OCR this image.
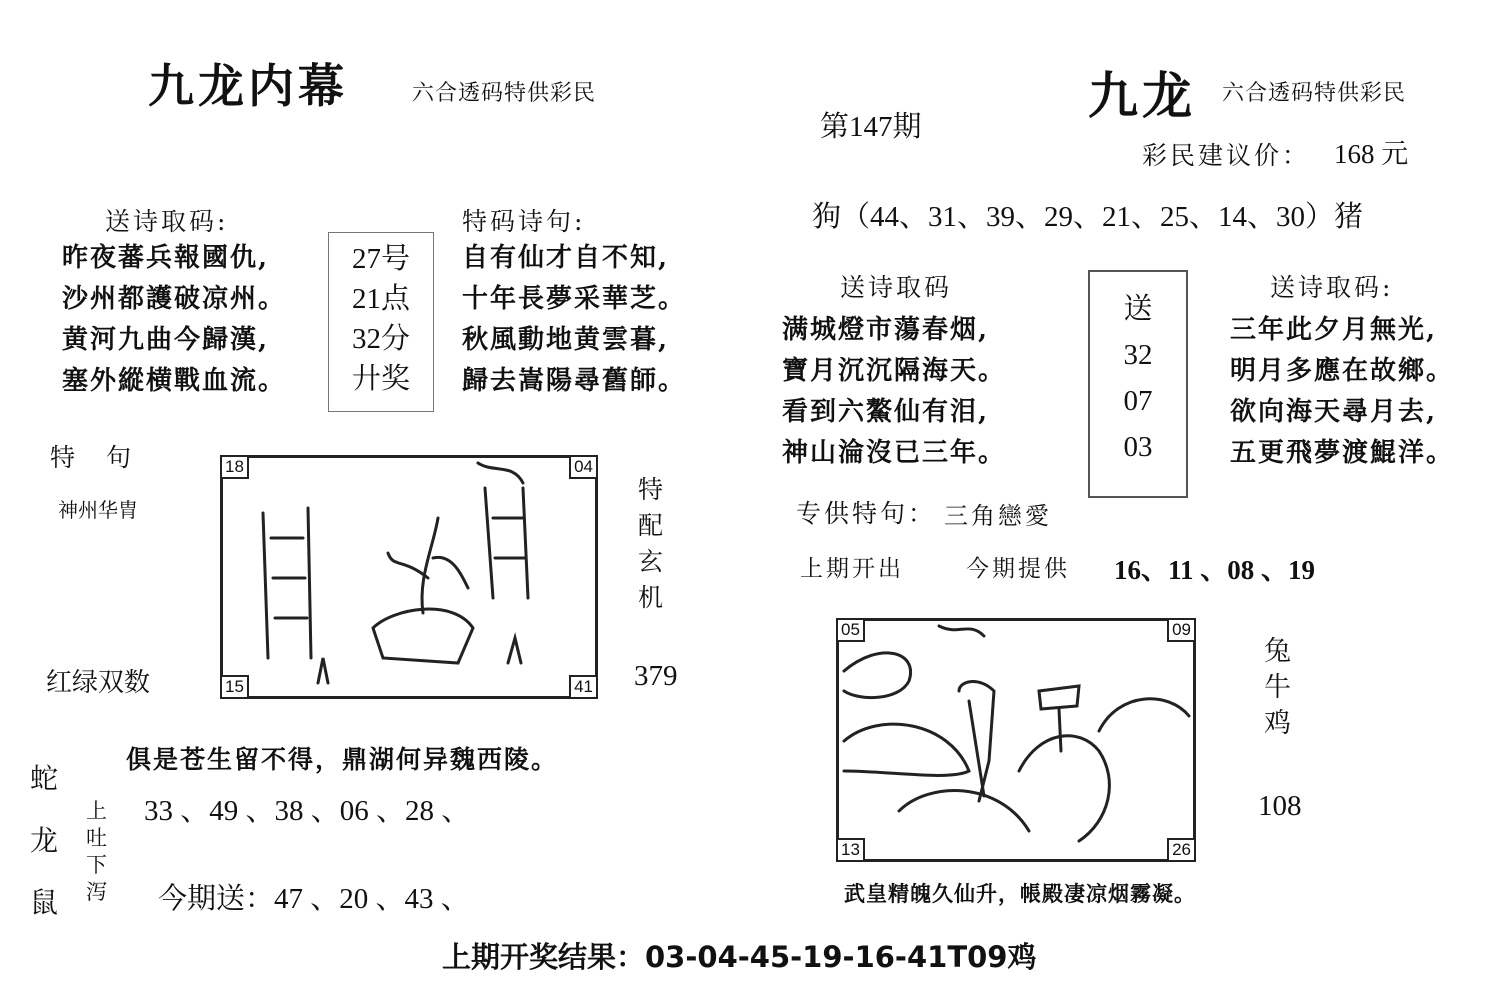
九龙内幕	六合透码特供彩民
送诗取码:
昨夜蕃兵報國仇,
沙州都護破凉州。
黄河九曲今歸漢,
塞外縱横戰血流。
27号
21点
32分
廾奖
特码诗句:
自有仙才自不知,
十年長夢采華芝。
秋風動地黄雲暮,
歸去嵩陽尋舊師。
特　句
神州华胄
红绿双数
18	04
15	41
特
配
玄
机
379
蛇
龙
鼠
俱是苍生留不得，鼎湖何异魏西陵。
上
吐
下
泻
33 、49 、38 、06 、28 、
今期送：47 、20 、43 、
第147期
九龙 六合透码特供彩民
彩民建议价： 168 元
狗（44、31、39、29、21、25、14、30）猪
送诗取码
满城燈市蕩春烟,
寶月沉沉隔海天。
看到六鰲仙有泪,
神山淪沒已三年。
送
32
07
03
送诗取码:
三年此夕月無光,
明月多應在故鄉。
欲向海天尋月去,
五更飛夢渡鯤洋。
专供特句： 三角戀愛
上期开出	今期提供 16、11 、08 、19
05	09
13	26
兔
牛
鸡
108
武皇精魄久仙升，帳殿凄凉烟霧凝。
上期开奖结果：03-04-45-19-16-41T09鸡
